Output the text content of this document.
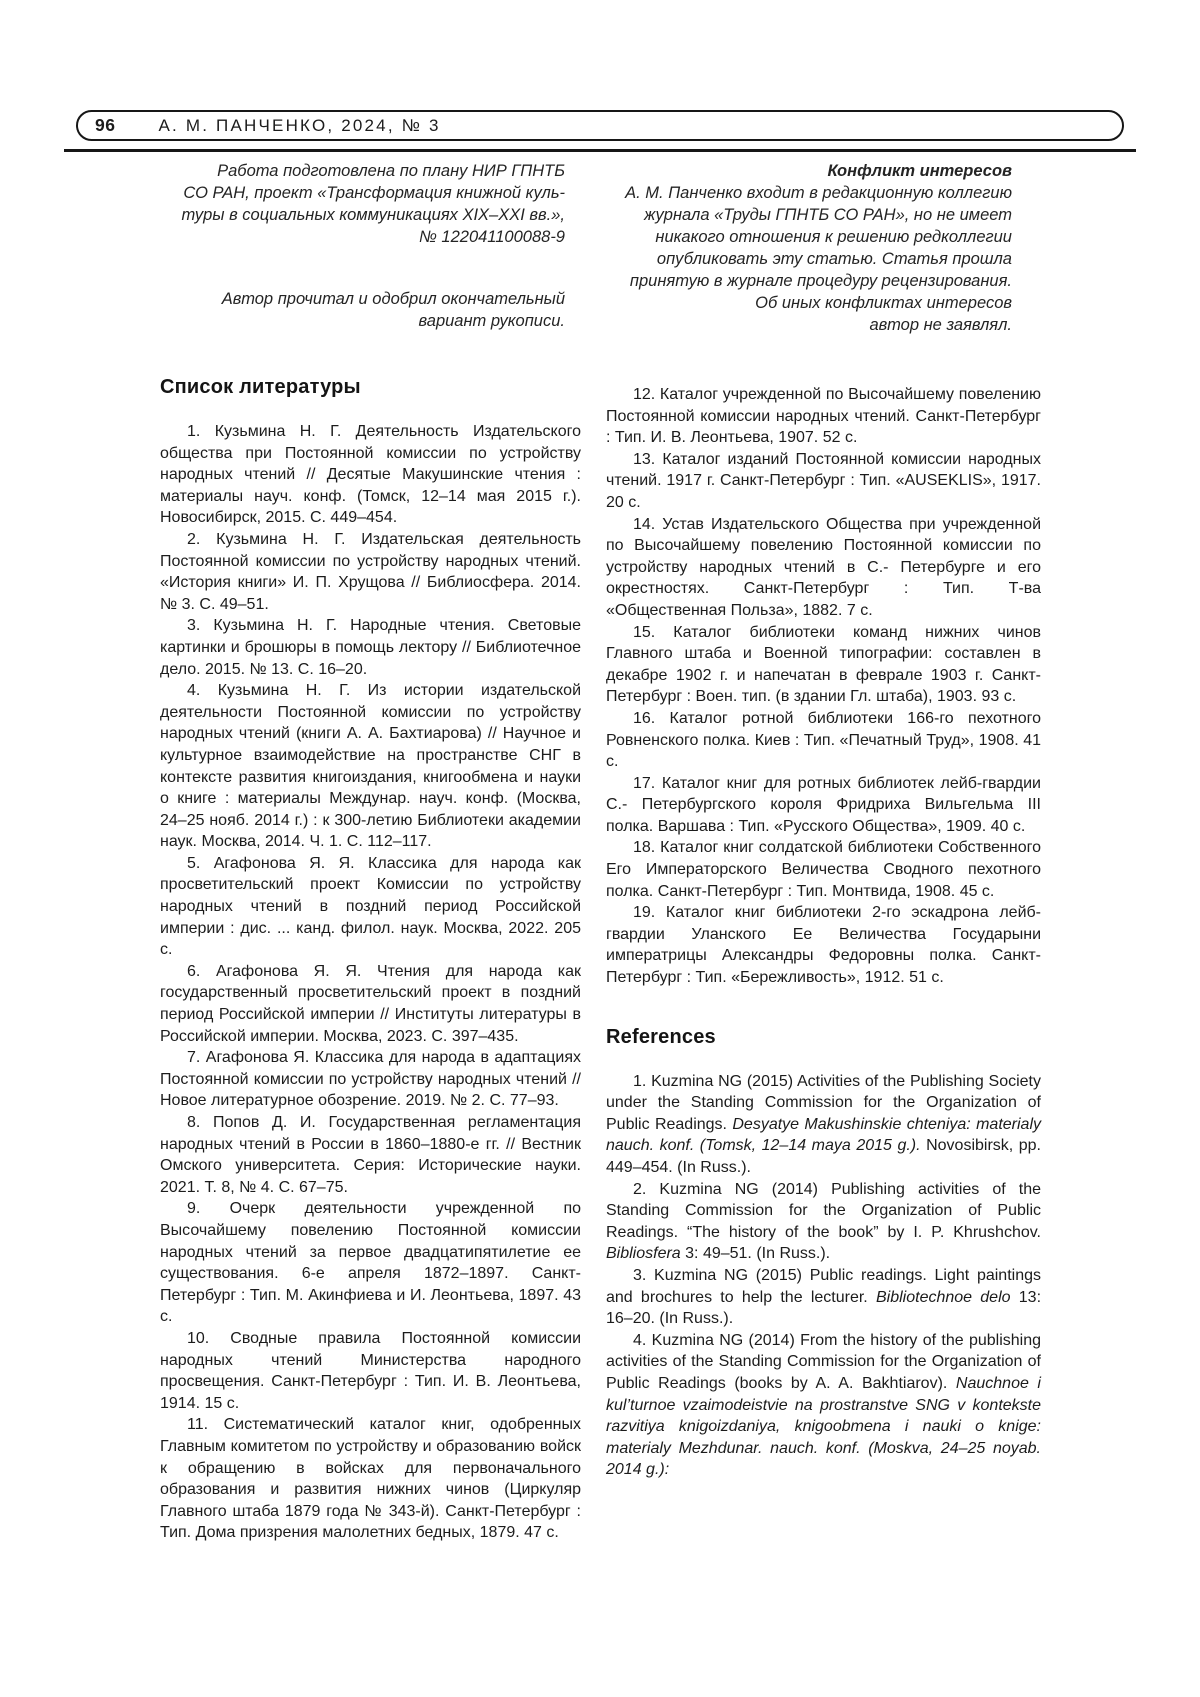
96	А. М. ПАНЧЕНКО, 2024, № 3
Работа подготовлена по плану НИР ГПНТБ
СО РАН, проект «Трансформация книжной куль-
туры в социальных коммуникациях XIX–XXI вв.»,
№ 122041100088-9
Автор прочитал и одобрил окончательный
вариант рукописи.
Конфликт интересов
А. М. Панченко входит в редакционную коллегию
журнала «Труды ГПНТБ СО РАН», но не имеет
никакого отношения к решению редколлегии
опубликовать эту статью. Статья прошла
принятую в журнале процедуру рецензирования.
Об иных конфликтах интересов
автор не заявлял.
Список литературы

1. Кузьмина Н. Г. Деятельность Издательского общества при Постоянной комиссии по устройству народных чтений // Десятые Макушинские чтения : материалы науч. конф. (Томск, 12–14 мая 2015 г.). Новосибирск, 2015. С. 449–454.

2. Кузьмина Н. Г. Издательская деятельность Постоянной комиссии по устройству народных чтений. «История книги» И. П. Хрущова // Библиосфера. 2014. № 3. С. 49–51.

3. Кузьмина Н. Г. Народные чтения. Световые картинки и брошюры в помощь лектору // Библиотечное дело. 2015. № 13. С. 16–20.

4. Кузьмина Н. Г. Из истории издательской деятельности Постоянной комиссии по устройству народных чтений (книги А. А. Бахтиарова) // Научное и культурное взаимодействие на пространстве СНГ в контексте развития книгоиздания, книгообмена и науки о книге : материалы Междунар. науч. конф. (Москва, 24–25 нояб. 2014 г.) : к 300-летию Библиотеки академии наук. Москва, 2014. Ч. 1. С. 112–117.

5. Агафонова Я. Я. Классика для народа как просветительский проект Комиссии по устройству народных чтений в поздний период Российской империи : дис. ... канд. филол. наук. Москва, 2022. 205 с.

6. Агафонова Я. Я. Чтения для народа как государственный просветительский проект в поздний период Российской империи // Институты литературы в Российской империи. Москва, 2023. С. 397–435.

7. Агафонова Я. Классика для народа в адаптациях Постоянной комиссии по устройству народных чтений // Новое литературное обозрение. 2019. № 2. С. 77–93.

8. Попов Д. И. Государственная регламентация народных чтений в России в 1860–1880-е гг. // Вестник Омского университета. Серия: Исторические науки. 2021. Т. 8, № 4. С. 67–75.

9. Очерк деятельности учрежденной по Высочайшему повелению Постоянной комиссии народных чтений за первое двадцатипятилетие ее существования. 6-е апреля 1872–1897. Санкт-Петербург : Тип. М. Акинфиева и И. Леонтьева, 1897. 43 с.

10. Сводные правила Постоянной комиссии народных чтений Министерства народного просвещения. Санкт-Петербург : Тип. И. В. Леонтьева, 1914. 15 с.

11. Систематический каталог книг, одобренных Главным комитетом по устройству и образованию войск к обращению в войсках для первоначального образования и развития нижних чинов (Циркуляр Главного штаба 1879 года № 343-й). Санкт-Петербург : Тип. Дома призрения малолетних бедных, 1879. 47 с.

12. Каталог учрежденной по Высочайшему повелению Постоянной комиссии народных чтений. Санкт-Петербург : Тип. И. В. Леонтьева, 1907. 52 с.

13. Каталог изданий Постоянной комиссии народных чтений. 1917 г. Санкт-Петербург : Тип. «AUSEKLIS», 1917. 20 с.

14. Устав Издательского Общества при учрежденной по Высочайшему повелению Постоянной комиссии по устройству народных чтений в С.- Петербурге и его окрестностях. Санкт-Петербург : Тип. Т-ва «Общественная Польза», 1882. 7 с.

15. Каталог библиотеки команд нижних чинов Главного штаба и Военной типографии: составлен в декабре 1902 г. и напечатан в феврале 1903 г. Санкт-Петербург : Воен. тип. (в здании Гл. штаба), 1903. 93 с.

16. Каталог ротной библиотеки 166-го пехотного Ровненского полка. Киев : Тип. «Печатный Труд», 1908. 41 с.

17. Каталог книг для ротных библиотек лейб-гвардии С.- Петербургского короля Фридриха Вильгельма III полка. Варшава : Тип. «Русского Общества», 1909. 40 с.

18. Каталог книг солдатской библиотеки Собственного Его Императорского Величества Сводного пехотного полка. Санкт-Петербург : Тип. Монтвида, 1908. 45 с.

19. Каталог книг библиотеки 2-го эскадрона лейб-гвардии Уланского Ее Величества Государыни императрицы Александры Федоровны полка. Санкт-Петербург : Тип. «Бережливость», 1912. 51 с.

References

1. Kuzmina NG (2015) Activities of the Publishing Society under the Standing Commission for the Organization of Public Readings. Desyatye Makushinskie chteniya: materialy nauch. konf. (Tomsk, 12–14 maya 2015 g.). Novosibirsk, pp. 449–454. (In Russ.).

2. Kuzmina NG (2014) Publishing activities of the Standing Commission for the Organization of Public Readings. “The history of the book” by I. P. Khrushchov. Bibliosfera 3: 49–51. (In Russ.).

3. Kuzmina NG (2015) Public readings. Light paintings and brochures to help the lecturer. Bibliotechnoe delo 13: 16–20. (In Russ.).

4. Kuzmina NG (2014) From the history of the publishing activities of the Standing Commission for the Organization of Public Readings (books by A. A. Bakhtiarov). Nauchnoe i kul’turnoe vzaimodeistvie na prostranstve SNG v kontekste razvitiya knigoizdaniya, knigoobmena i nauki o knige: materialy Mezhdunar. nauch. konf. (Moskva, 24–25 noyab. 2014 g.):
